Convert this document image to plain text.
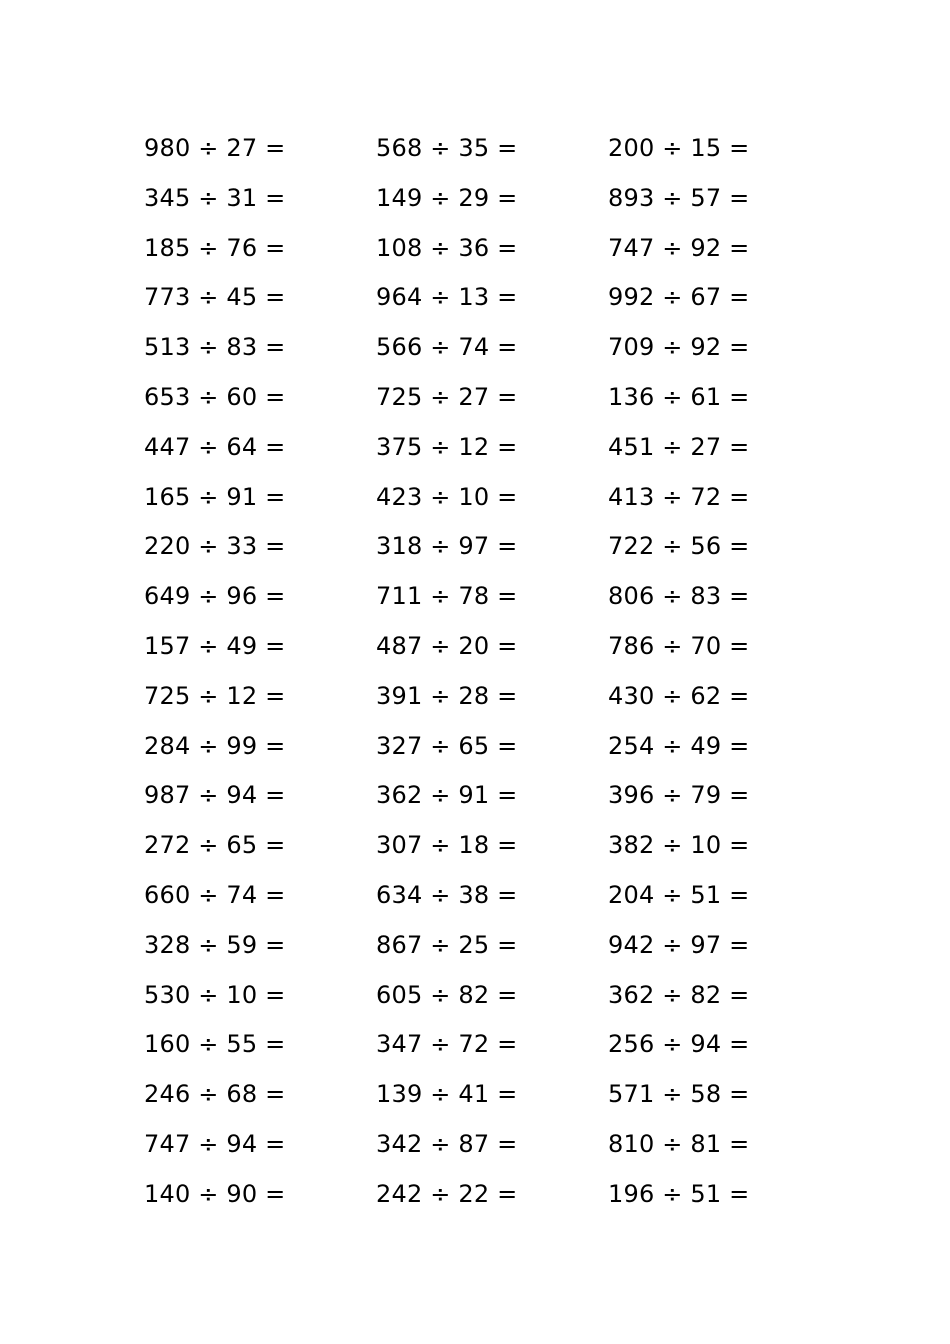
980 ÷ 27 =	568 ÷ 35 =	200 ÷ 15 =
345 ÷ 31 =	149 ÷ 29 =	893 ÷ 57 =
185 ÷ 76 =	108 ÷ 36 =	747 ÷ 92 =
773 ÷ 45 =	964 ÷ 13 =	992 ÷ 67 =
513 ÷ 83 =	566 ÷ 74 =	709 ÷ 92 =
653 ÷ 60 =	725 ÷ 27 =	136 ÷ 61 =
447 ÷ 64 =	375 ÷ 12 =	451 ÷ 27 =
165 ÷ 91 =	423 ÷ 10 =	413 ÷ 72 =
220 ÷ 33 =	318 ÷ 97 =	722 ÷ 56 =
649 ÷ 96 =	711 ÷ 78 =	806 ÷ 83 =
157 ÷ 49 =	487 ÷ 20 =	786 ÷ 70 =
725 ÷ 12 =	391 ÷ 28 =	430 ÷ 62 =
284 ÷ 99 =	327 ÷ 65 =	254 ÷ 49 =
987 ÷ 94 =	362 ÷ 91 =	396 ÷ 79 =
272 ÷ 65 =	307 ÷ 18 =	382 ÷ 10 =
660 ÷ 74 =	634 ÷ 38 =	204 ÷ 51 =
328 ÷ 59 =	867 ÷ 25 =	942 ÷ 97 =
530 ÷ 10 =	605 ÷ 82 =	362 ÷ 82 =
160 ÷ 55 =	347 ÷ 72 =	256 ÷ 94 =
246 ÷ 68 =	139 ÷ 41 =	571 ÷ 58 =
747 ÷ 94 =	342 ÷ 87 =	810 ÷ 81 =
140 ÷ 90 =	242 ÷ 22 =	196 ÷ 51 =
